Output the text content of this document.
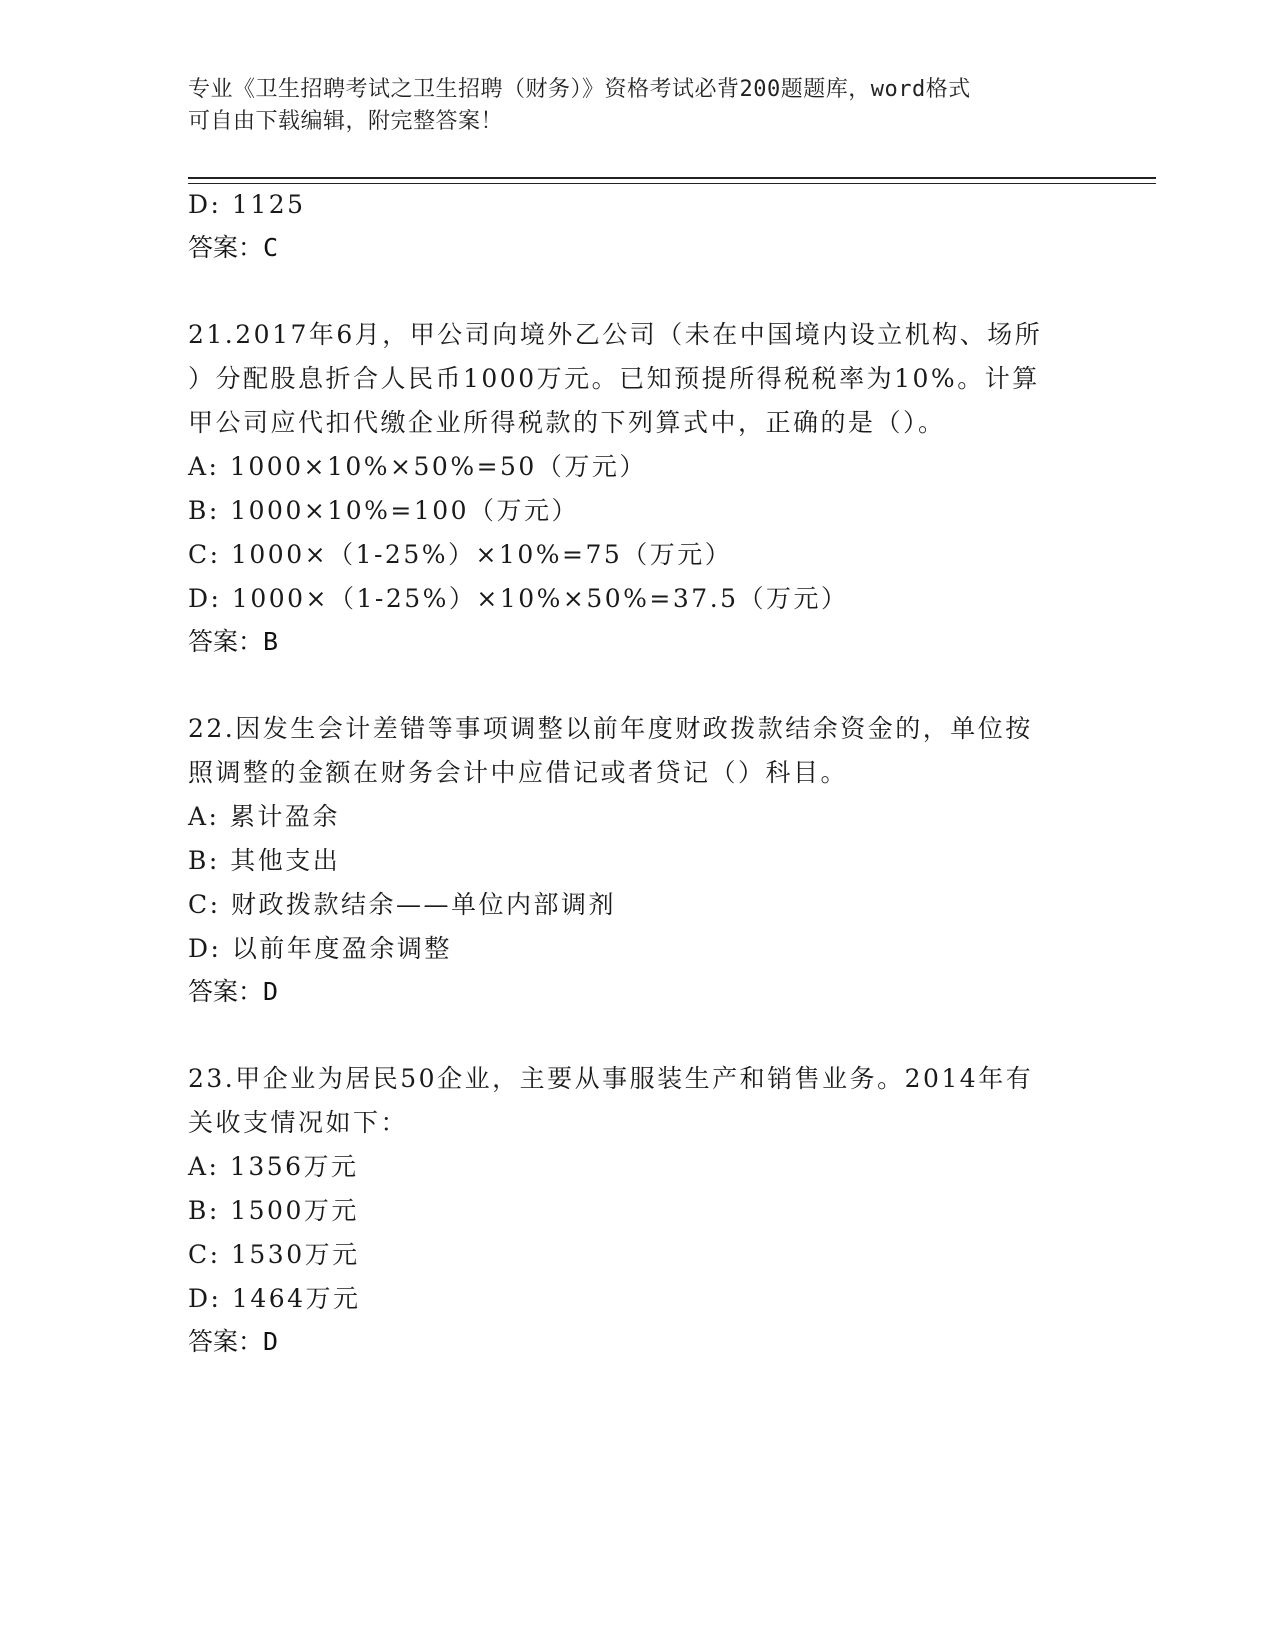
专业《卫生招聘考试之卫生招聘（财务）》资格考试必背200题题库，word格式
可自由下载编辑，附完整答案！
D: 1125
答案：C
21.2017年6月，甲公司向境外乙公司（未在中国境内设立机构、场所
）分配股息折合人民币1000万元。已知预提所得税税率为10%。计算
甲公司应代扣代缴企业所得税款的下列算式中，正确的是（）。
A: 1000×10%×50%=50（万元）
B: 1000×10%=100（万元）
C: 1000×（1-25%）×10%=75（万元）
D: 1000×（1-25%）×10%×50%=37.5（万元）
答案：B
22.因发生会计差错等事项调整以前年度财政拨款结余资金的，单位按
照调整的金额在财务会计中应借记或者贷记（）科目。
A: 累计盈余
B: 其他支出
C: 财政拨款结余——单位内部调剂
D: 以前年度盈余调整
答案：D
23.甲企业为居民50企业，主要从事服装生产和销售业务。2014年有
关收支情况如下：
A: 1356万元
B: 1500万元
C: 1530万元
D: 1464万元
答案：D
